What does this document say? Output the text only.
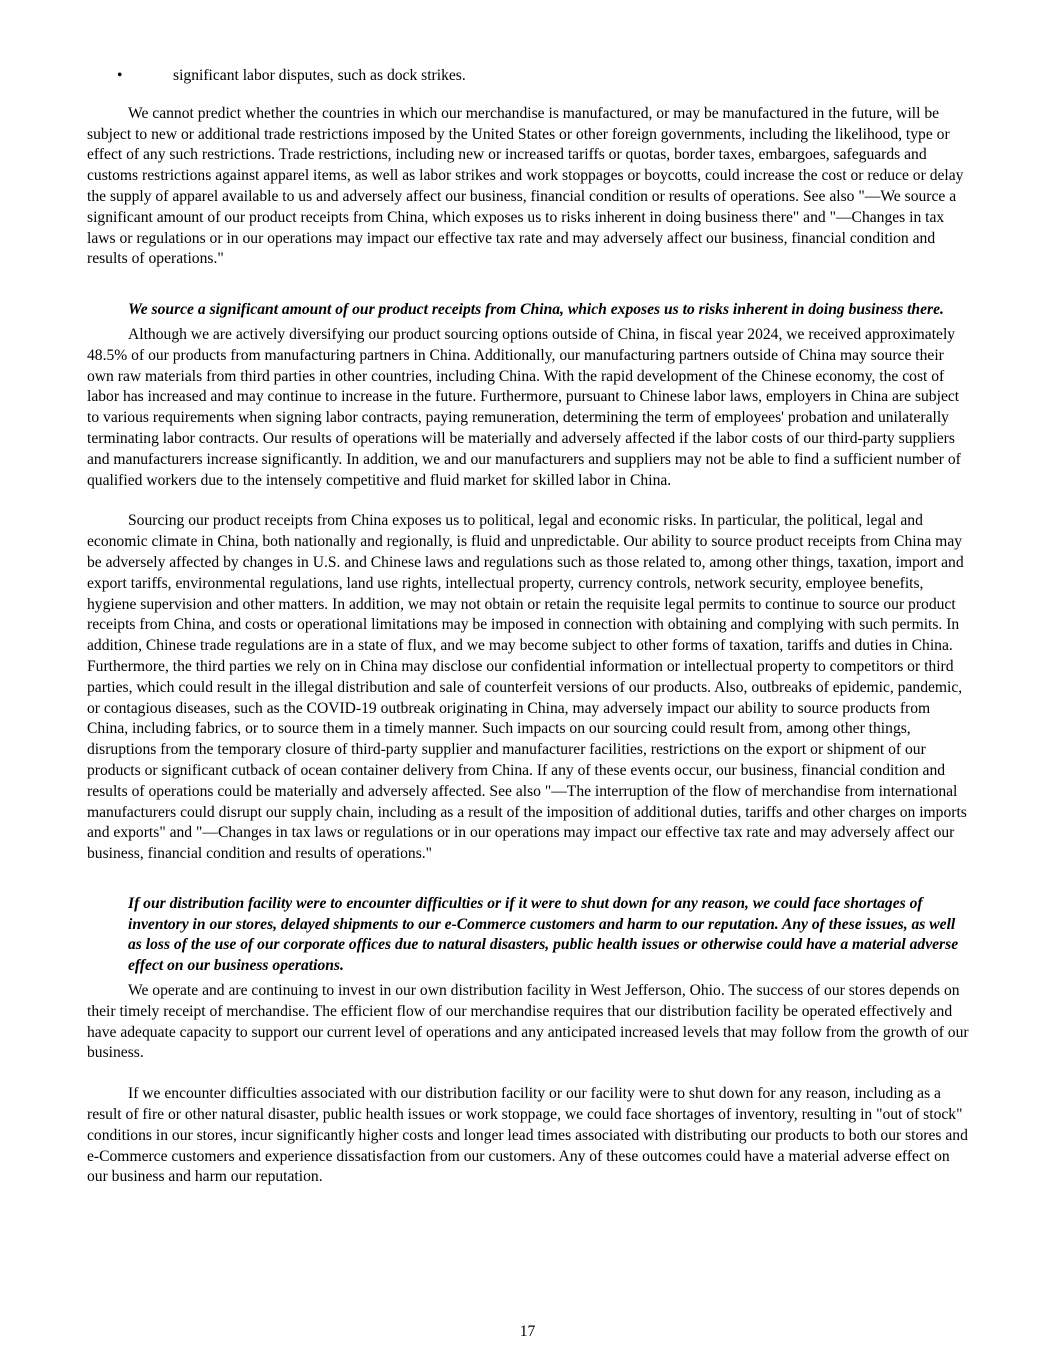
•	significant labor disputes, such as dock strikes.

We cannot predict whether the countries in which our merchandise is manufactured, or may be manufactured in the future, will be subject to new or additional trade restrictions imposed by the United States or other foreign governments, including the likelihood, type or effect of any such restrictions. Trade restrictions, including new or increased tariffs or quotas, border taxes, embargoes, safeguards and customs restrictions against apparel items, as well as labor strikes and work stoppages or boycotts, could increase the cost or reduce or delay the supply of apparel available to us and adversely affect our business, financial condition or results of operations. See also "—We source a significant amount of our product receipts from China, which exposes us to risks inherent in doing business there" and "—Changes in tax laws or regulations or in our operations may impact our effective tax rate and may adversely affect our business, financial condition and results of operations."

We source a significant amount of our product receipts from China, which exposes us to risks inherent in doing business there.

Although we are actively diversifying our product sourcing options outside of China, in fiscal year 2024, we received approximately 48.5% of our products from manufacturing partners in China. Additionally, our manufacturing partners outside of China may source their own raw materials from third parties in other countries, including China. With the rapid development of the Chinese economy, the cost of labor has increased and may continue to increase in the future. Furthermore, pursuant to Chinese labor laws, employers in China are subject to various requirements when signing labor contracts, paying remuneration, determining the term of employees' probation and unilaterally terminating labor contracts. Our results of operations will be materially and adversely affected if the labor costs of our third-party suppliers and manufacturers increase significantly. In addition, we and our manufacturers and suppliers may not be able to find a sufficient number of qualified workers due to the intensely competitive and fluid market for skilled labor in China.

Sourcing our product receipts from China exposes us to political, legal and economic risks. In particular, the political, legal and economic climate in China, both nationally and regionally, is fluid and unpredictable. Our ability to source product receipts from China may be adversely affected by changes in U.S. and Chinese laws and regulations such as those related to, among other things, taxation, import and export tariffs, environmental regulations, land use rights, intellectual property, currency controls, network security, employee benefits, hygiene supervision and other matters. In addition, we may not obtain or retain the requisite legal permits to continue to source our product receipts from China, and costs or operational limitations may be imposed in connection with obtaining and complying with such permits. In addition, Chinese trade regulations are in a state of flux, and we may become subject to other forms of taxation, tariffs and duties in China. Furthermore, the third parties we rely on in China may disclose our confidential information or intellectual property to competitors or third parties, which could result in the illegal distribution and sale of counterfeit versions of our products. Also, outbreaks of epidemic, pandemic, or contagious diseases, such as the COVID-19 outbreak originating in China, may adversely impact our ability to source products from China, including fabrics, or to source them in a timely manner. Such impacts on our sourcing could result from, among other things, disruptions from the temporary closure of third-party supplier and manufacturer facilities, restrictions on the export or shipment of our products or significant cutback of ocean container delivery from China. If any of these events occur, our business, financial condition and results of operations could be materially and adversely affected. See also "—The interruption of the flow of merchandise from international manufacturers could disrupt our supply chain, including as a result of the imposition of additional duties, tariffs and other charges on imports and exports" and "—Changes in tax laws or regulations or in our operations may impact our effective tax rate and may adversely affect our business, financial condition and results of operations."

If our distribution facility were to encounter difficulties or if it were to shut down for any reason, we could face shortages of inventory in our stores, delayed shipments to our e-Commerce customers and harm to our reputation. Any of these issues, as well as loss of the use of our corporate offices due to natural disasters, public health issues or otherwise could have a material adverse effect on our business operations.

We operate and are continuing to invest in our own distribution facility in West Jefferson, Ohio. The success of our stores depends on their timely receipt of merchandise. The efficient flow of our merchandise requires that our distribution facility be operated effectively and have adequate capacity to support our current level of operations and any anticipated increased levels that may follow from the growth of our business.

If we encounter difficulties associated with our distribution facility or our facility were to shut down for any reason, including as a result of fire or other natural disaster, public health issues or work stoppage, we could face shortages of inventory, resulting in "out of stock" conditions in our stores, incur significantly higher costs and longer lead times associated with distributing our products to both our stores and e-Commerce customers and experience dissatisfaction from our customers. Any of these outcomes could have a material adverse effect on our business and harm our reputation.

17
